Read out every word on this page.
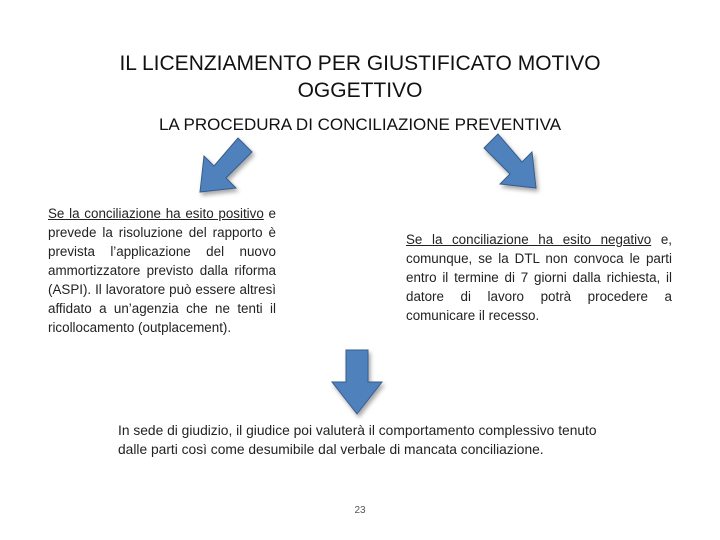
IL LICENZIAMENTO PER GIUSTIFICATO MOTIVO OGGETTIVO
LA PROCEDURA DI CONCILIAZIONE PREVENTIVA
Se la conciliazione ha esito positivo e prevede la risoluzione del rapporto è prevista l’applicazione del nuovo ammortizzatore previsto dalla riforma (ASPI). Il lavoratore può essere altresì affidato a un’agenzia che ne tenti il ricollocamento (outplacement).
Se la conciliazione ha esito negativo e, comunque, se la DTL non convoca le parti entro il termine di 7 giorni dalla richiesta, il datore di lavoro potrà procedere a comunicare il recesso.
In sede di giudizio, il giudice poi valuterà il comportamento complessivo tenuto dalle parti così come desumibile dal verbale di mancata conciliazione.
23
